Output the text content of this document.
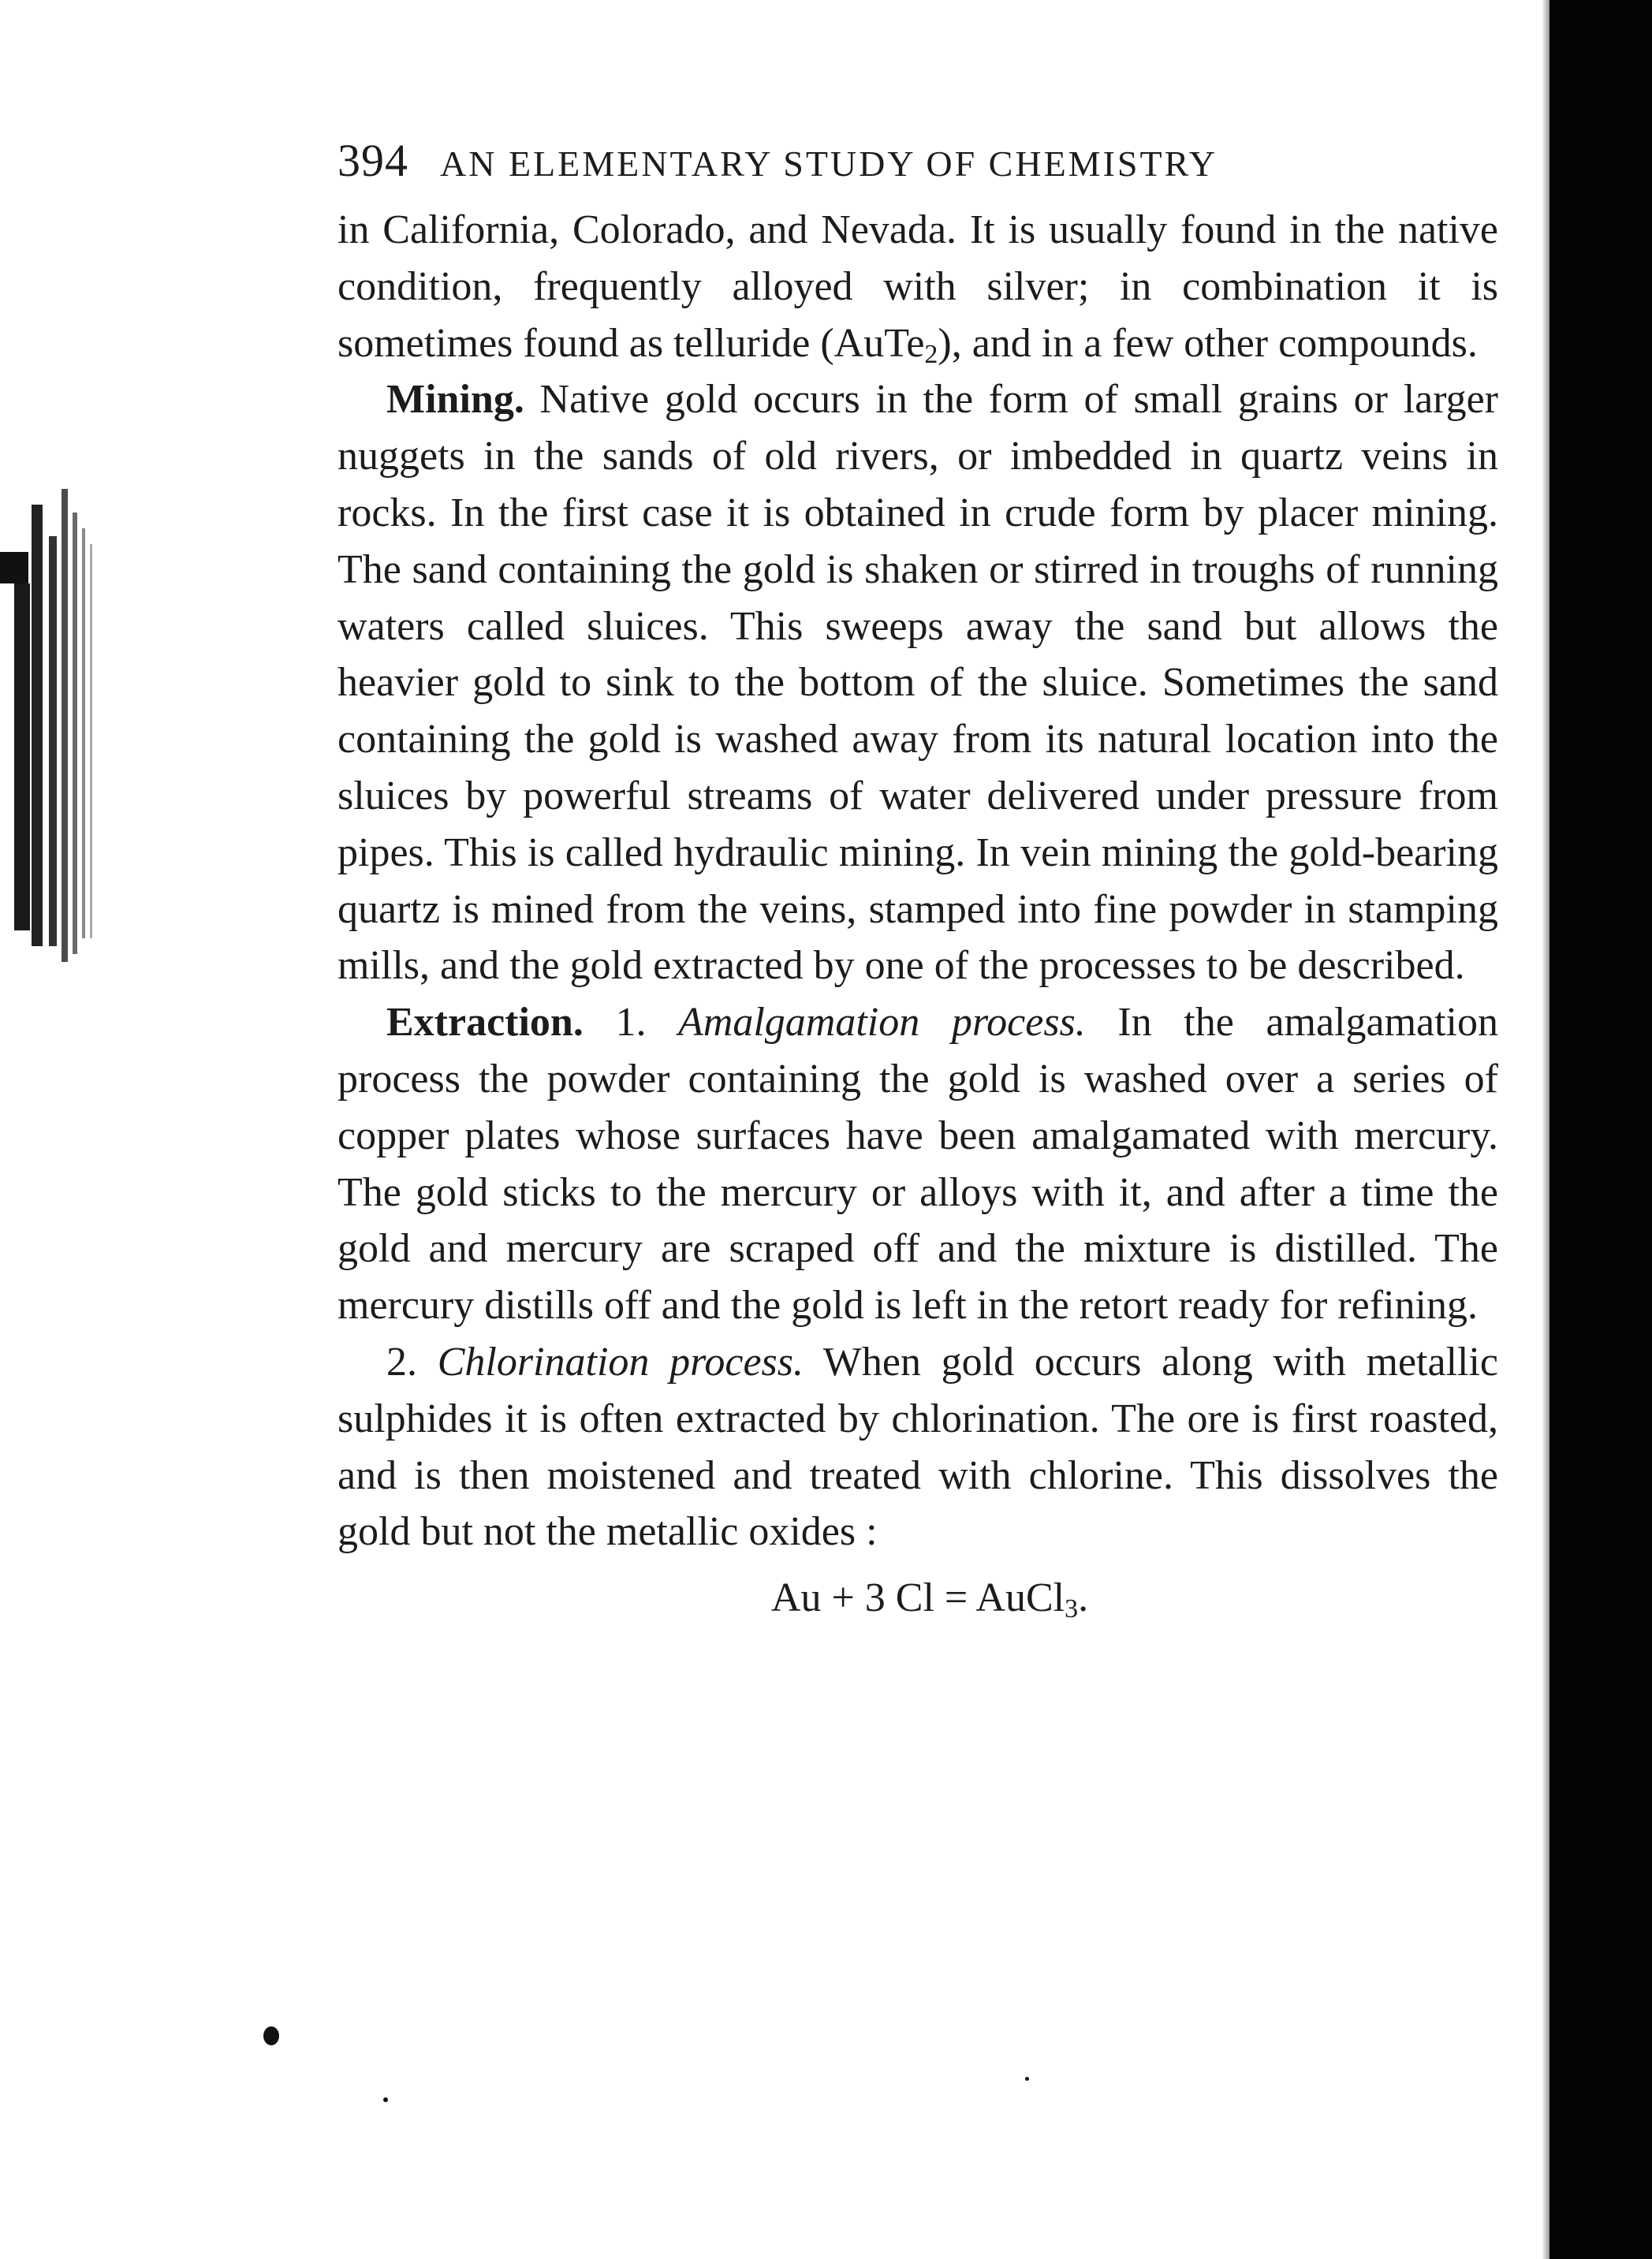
394 AN ELEMENTARY STUDY OF CHEMISTRY

in California, Colorado, and Nevada. It is usually found in the native condition, frequently alloyed with silver; in combination it is sometimes found as telluride (AuTe$_2$), and in a few other compounds.

Mining. Native gold occurs in the form of small grains or larger nuggets in the sands of old rivers, or imbedded in quartz veins in rocks. In the first case it is obtained in crude form by placer mining. The sand containing the gold is shaken or stirred in troughs of running waters called sluices. This sweeps away the sand but allows the heavier gold to sink to the bottom of the sluice. Sometimes the sand containing the gold is washed away from its natural location into the sluices by powerful streams of water delivered under pressure from pipes. This is called hydraulic mining. In vein mining the gold-bearing quartz is mined from the veins, stamped into fine powder in stamping mills, and the gold extracted by one of the processes to be described.

Extraction. 1. Amalgamation process. In the amalgamation process the powder containing the gold is washed over a series of copper plates whose surfaces have been amalgamated with mercury. The gold sticks to the mercury or alloys with it, and after a time the gold and mercury are scraped off and the mixture is distilled. The mercury distills off and the gold is left in the retort ready for refining.

2. Chlorination process. When gold occurs along with metallic sulphides it is often extracted by chlorination. The ore is first roasted, and is then moistened and treated with chlorine. This dissolves the gold but not the metallic oxides :

Au + 3 Cl = AuCl$_3$.
